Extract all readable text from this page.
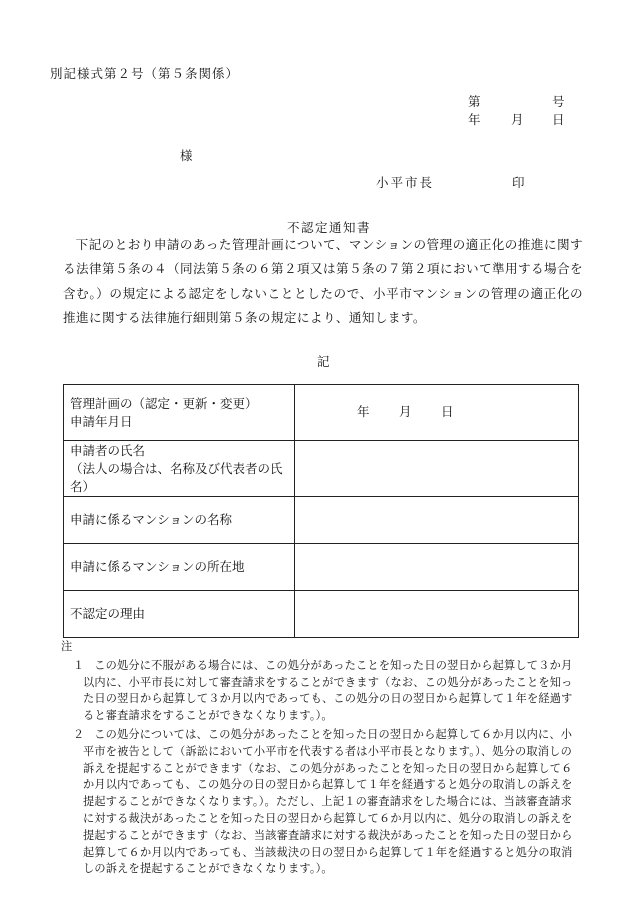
別記様式第２号（第５条関係）
第	号
年 月 日
様
小平市長	印
不認定通知書
下記のとおり申請のあった管理計画について、マンションの管理の適正化の推進に関する法律第５条の４（同法第５条の６第２項又は第５条の７第２項において準用する場合を含む。）の規定による認定をしないこととしたので、小平市マンションの管理の適正化の推進に関する法律施行細則第５条の規定により、通知します。
記
管理計画の（認定・更新・変更）
申請年月日	年 月 日

申請者の氏名
（法人の場合は、名称及び代表者の氏名）	

申請に係るマンションの名称	

申請に係るマンションの所在地	

不認定の理由	

注
１ この処分に不服がある場合には、この処分があったことを知った日の翌日から起算して３か月以内に、小平市長に対して審査請求をすることができます（なお、この処分があったことを知った日の翌日から起算して３か月以内であっても、この処分の日の翌日から起算して１年を経過すると審査請求をすることができなくなります。）。
２ この処分については、この処分があったことを知った日の翌日から起算して６か月以内に、小平市を被告として（訴訟において小平市を代表する者は小平市長となります。）、処分の取消しの訴えを提起することができます（なお、この処分があったことを知った日の翌日から起算して６か月以内であっても、この処分の日の翌日から起算して１年を経過すると処分の取消しの訴えを提起することができなくなります。）。ただし、上記１の審査請求をした場合には、当該審査請求に対する裁決があったことを知った日の翌日から起算して６か月以内に、処分の取消しの訴えを提起することができます（なお、当該審査請求に対する裁決があったことを知った日の翌日から起算して６か月以内であっても、当該裁決の日の翌日から起算して１年を経過すると処分の取消しの訴えを提起することができなくなります。）。
